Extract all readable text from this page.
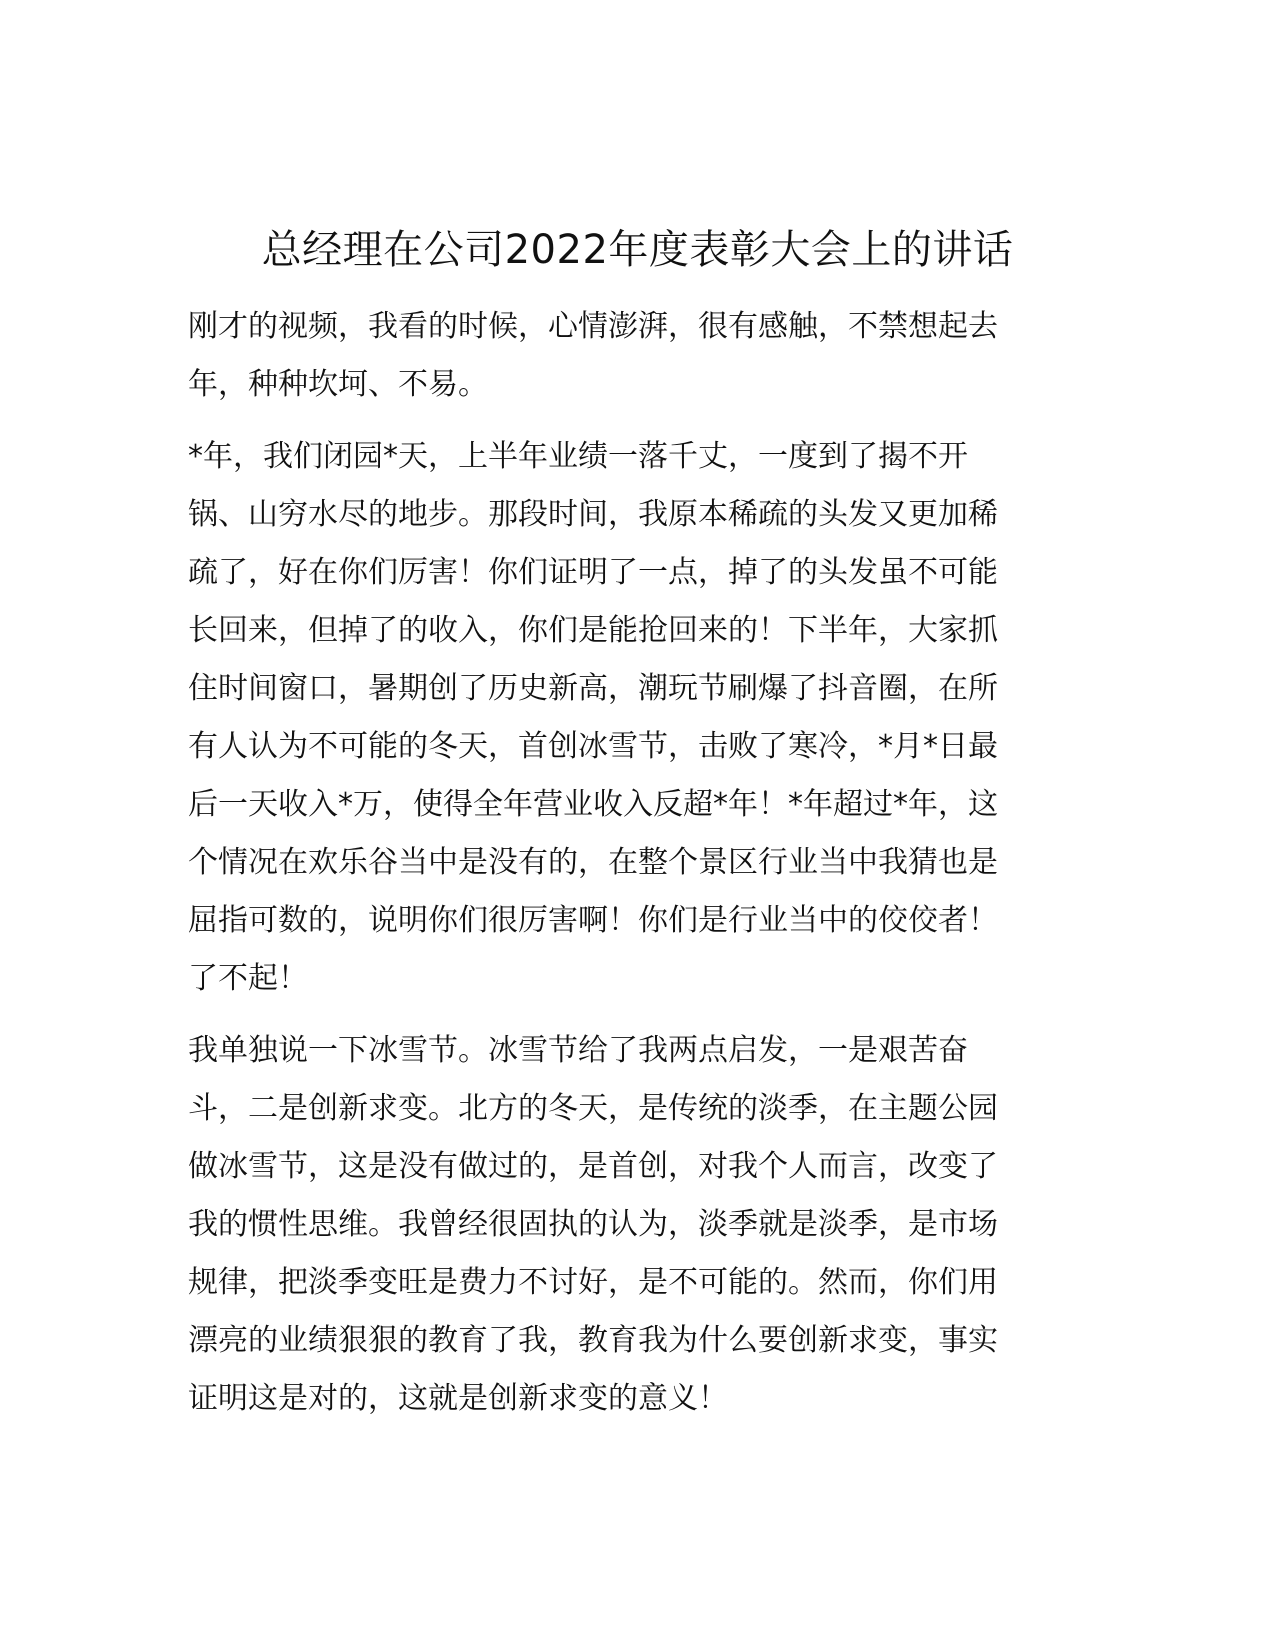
总经理在公司2022年度表彰大会上的讲话

刚才的视频，我看的时候，心情澎湃，很有感触，不禁想起去
年，种种坎坷、不易。

*年，我们闭园*天，上半年业绩一落千丈，一度到了揭不开
锅、山穷水尽的地步。那段时间，我原本稀疏的头发又更加稀
疏了，好在你们厉害！你们证明了一点，掉了的头发虽不可能
长回来，但掉了的收入，你们是能抢回来的！下半年，大家抓
住时间窗口，暑期创了历史新高，潮玩节刷爆了抖音圈，在所
有人认为不可能的冬天，首创冰雪节，击败了寒冷，*月*日最
后一天收入*万，使得全年营业收入反超*年！*年超过*年，这
个情况在欢乐谷当中是没有的，在整个景区行业当中我猜也是
屈指可数的，说明你们很厉害啊！你们是行业当中的佼佼者！
了不起！

我单独说一下冰雪节。冰雪节给了我两点启发，一是艰苦奋
斗，二是创新求变。北方的冬天，是传统的淡季，在主题公园
做冰雪节，这是没有做过的，是首创，对我个人而言，改变了
我的惯性思维。我曾经很固执的认为，淡季就是淡季，是市场
规律，把淡季变旺是费力不讨好，是不可能的。然而，你们用
漂亮的业绩狠狠的教育了我，教育我为什么要创新求变，事实
证明这是对的，这就是创新求变的意义！
